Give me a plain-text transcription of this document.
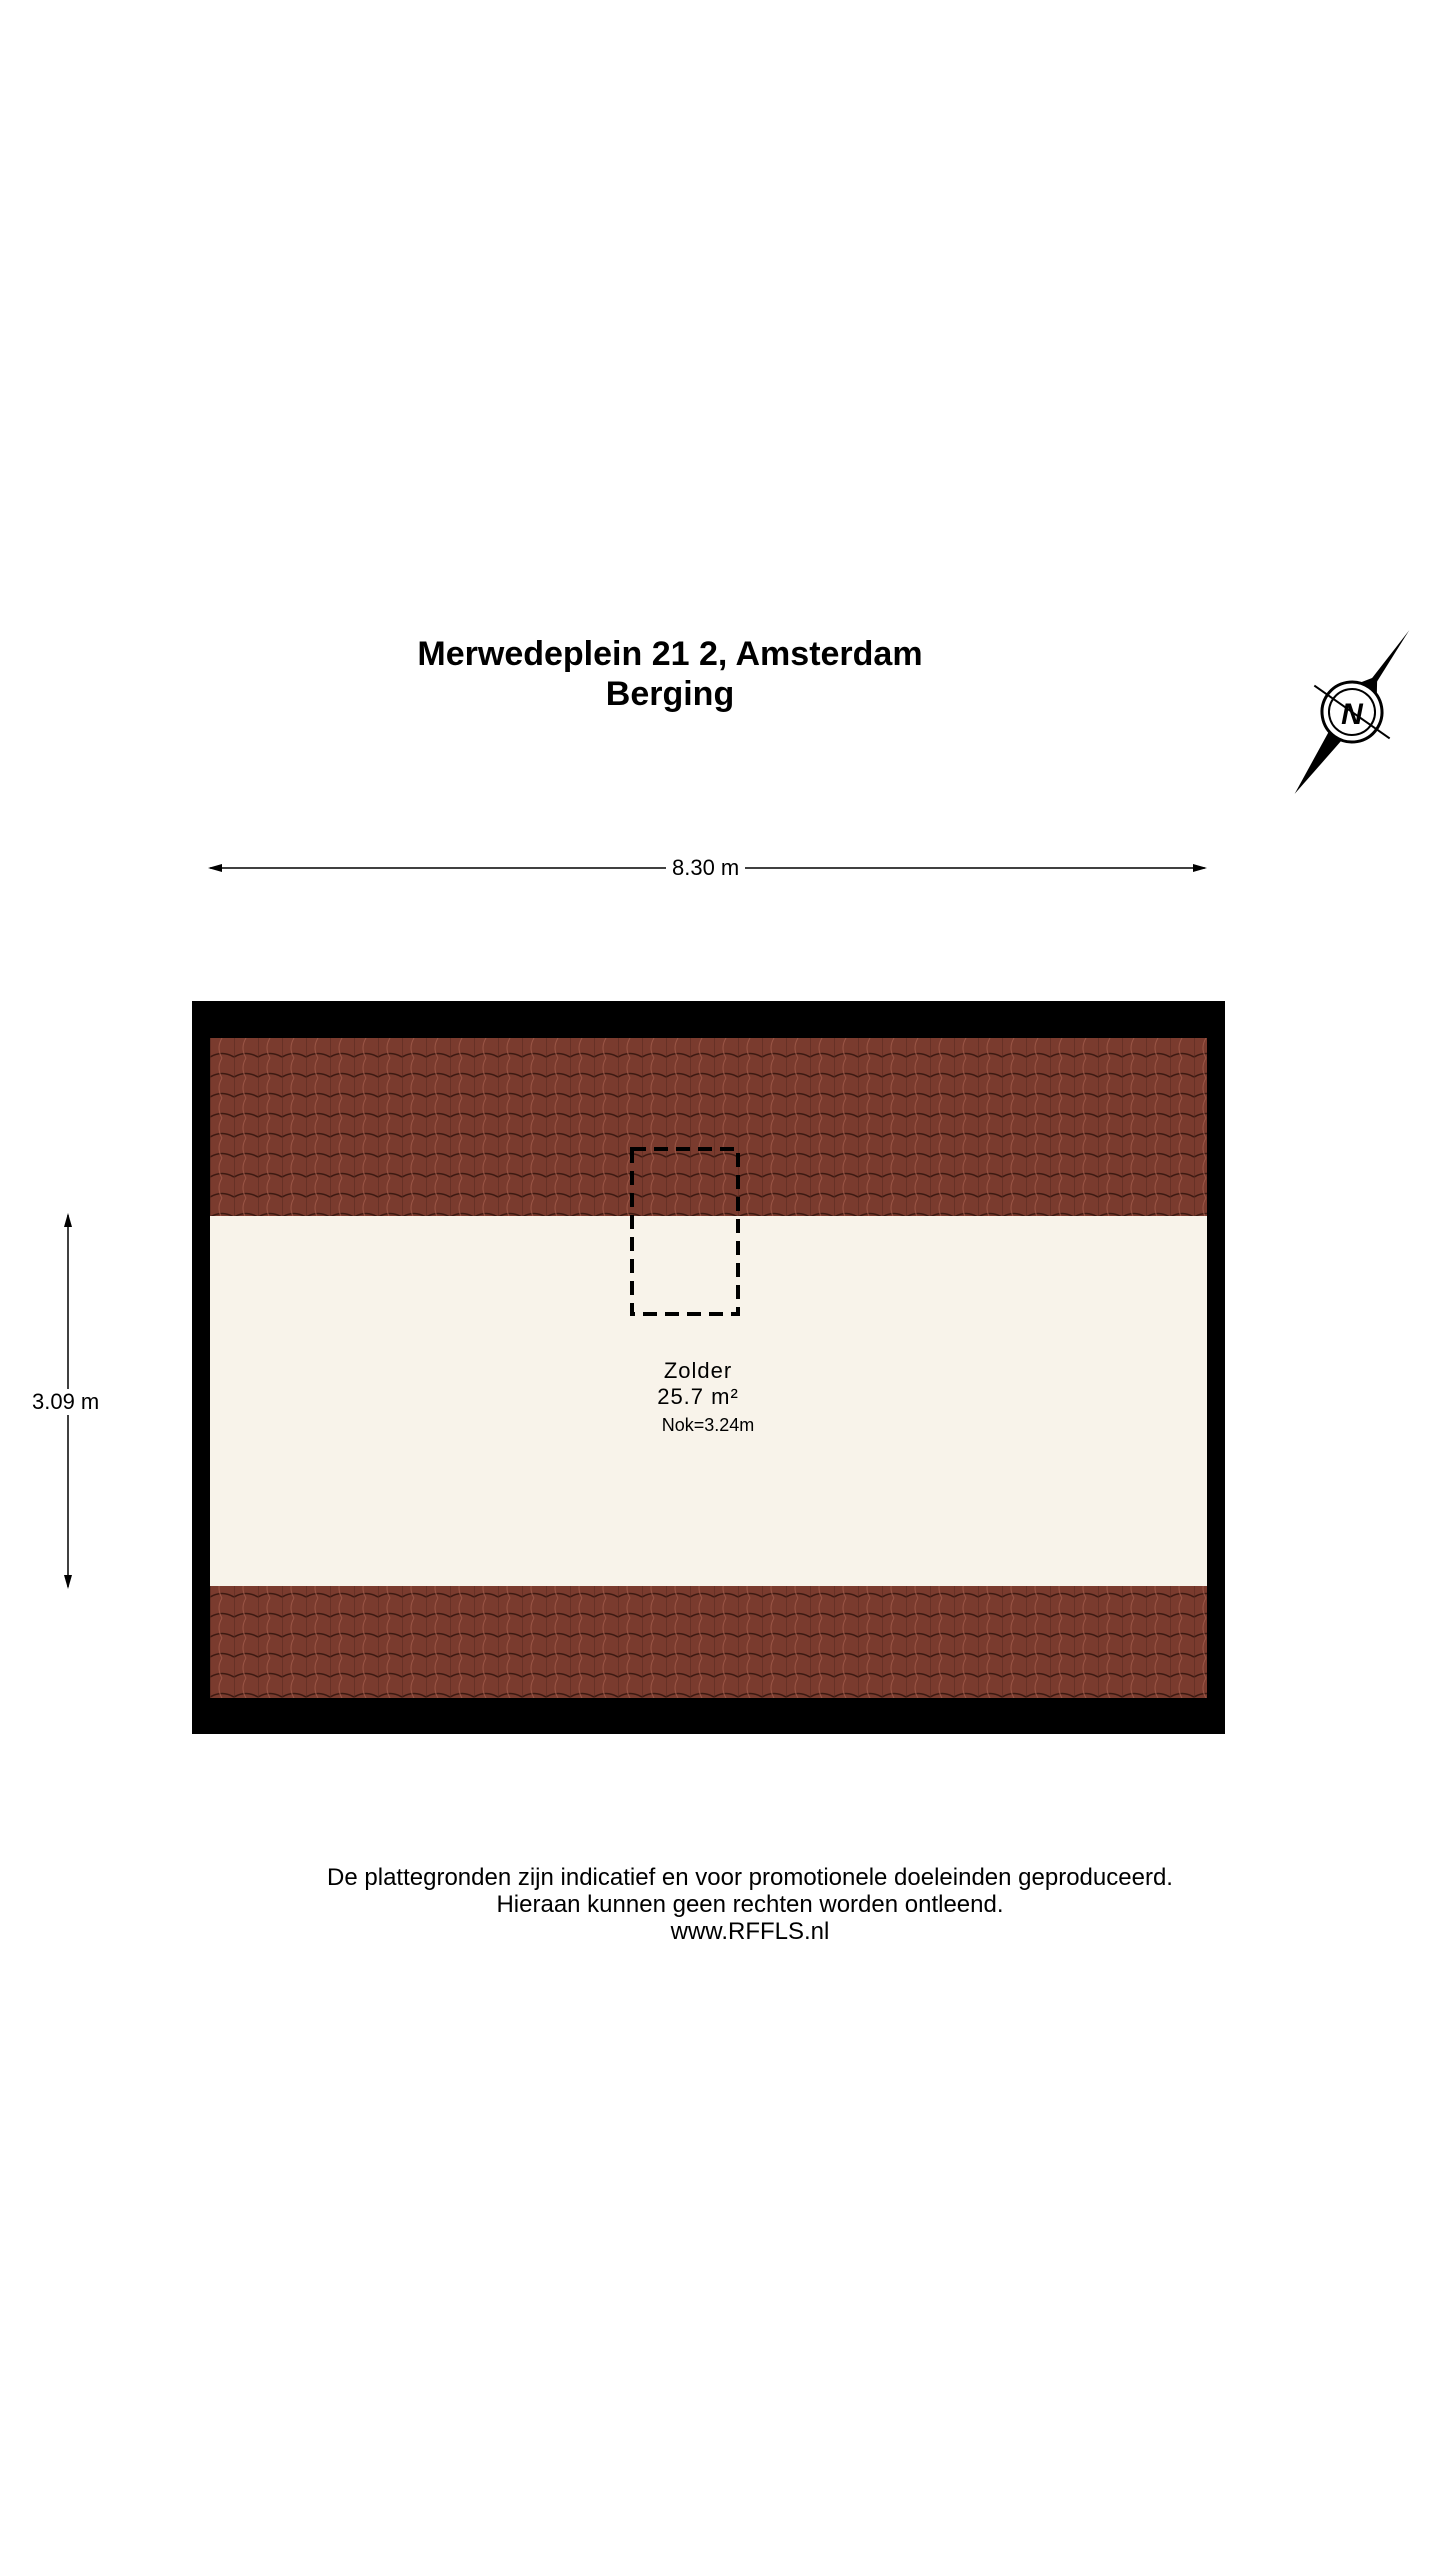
N
Merwedeplein 21 2, Amsterdam
Berging
8.30 m
3.09 m
Zolder
25.7 m²
Nok=3.24m
De plattegronden zijn indicatief en voor promotionele doeleinden geproduceerd.
Hieraan kunnen geen rechten worden ontleend.
www.RFFLS.nl
